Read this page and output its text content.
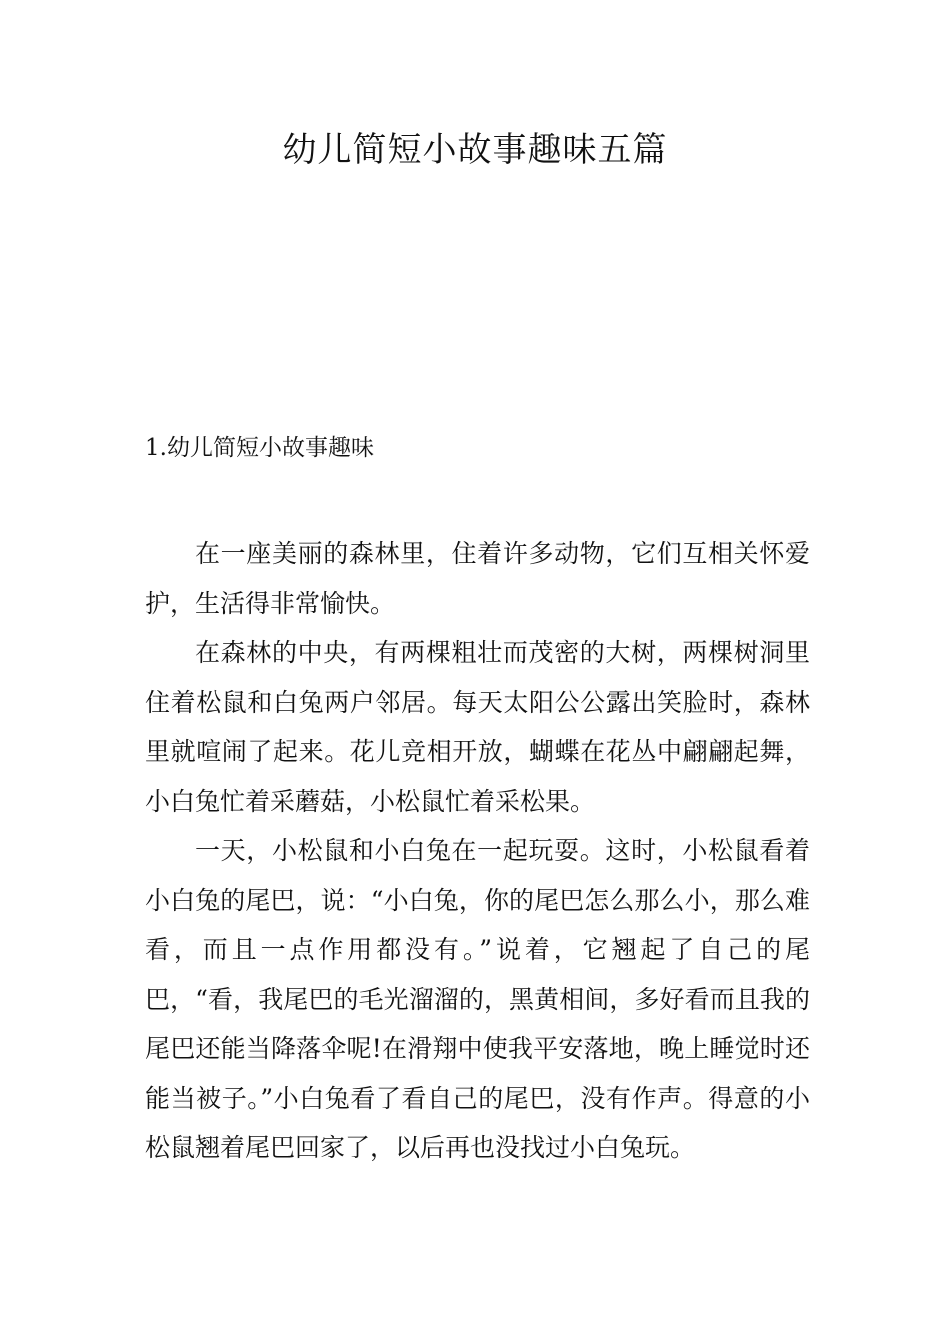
幼儿简短小故事趣味五篇
1.幼儿简短小故事趣味

在一座美丽的森林里，住着许多动物，它们互相关怀爱护，生活得非常愉快。

在森林的中央，有两棵粗壮而茂密的大树，两棵树洞里住着松鼠和白兔两户邻居。每天太阳公公露出笑脸时，森林里就喧闹了起来。花儿竞相开放，蝴蝶在花丛中翩翩起舞，小白兔忙着采蘑菇，小松鼠忙着采松果。

一天，小松鼠和小白兔在一起玩耍。这时，小松鼠看着小白兔的尾巴，说：“小白兔，你的尾巴怎么那么小，那么难看，而且一点作用都没有。”说着，它翘起了自己的尾巴，“看，我尾巴的毛光溜溜的，黑黄相间，多好看而且我的尾巴还能当降落伞呢!在滑翔中使我平安落地，晚上睡觉时还能当被子。”小白兔看了看自己的尾巴，没有作声。得意的小松鼠翘着尾巴回家了，以后再也没找过小白兔玩。
